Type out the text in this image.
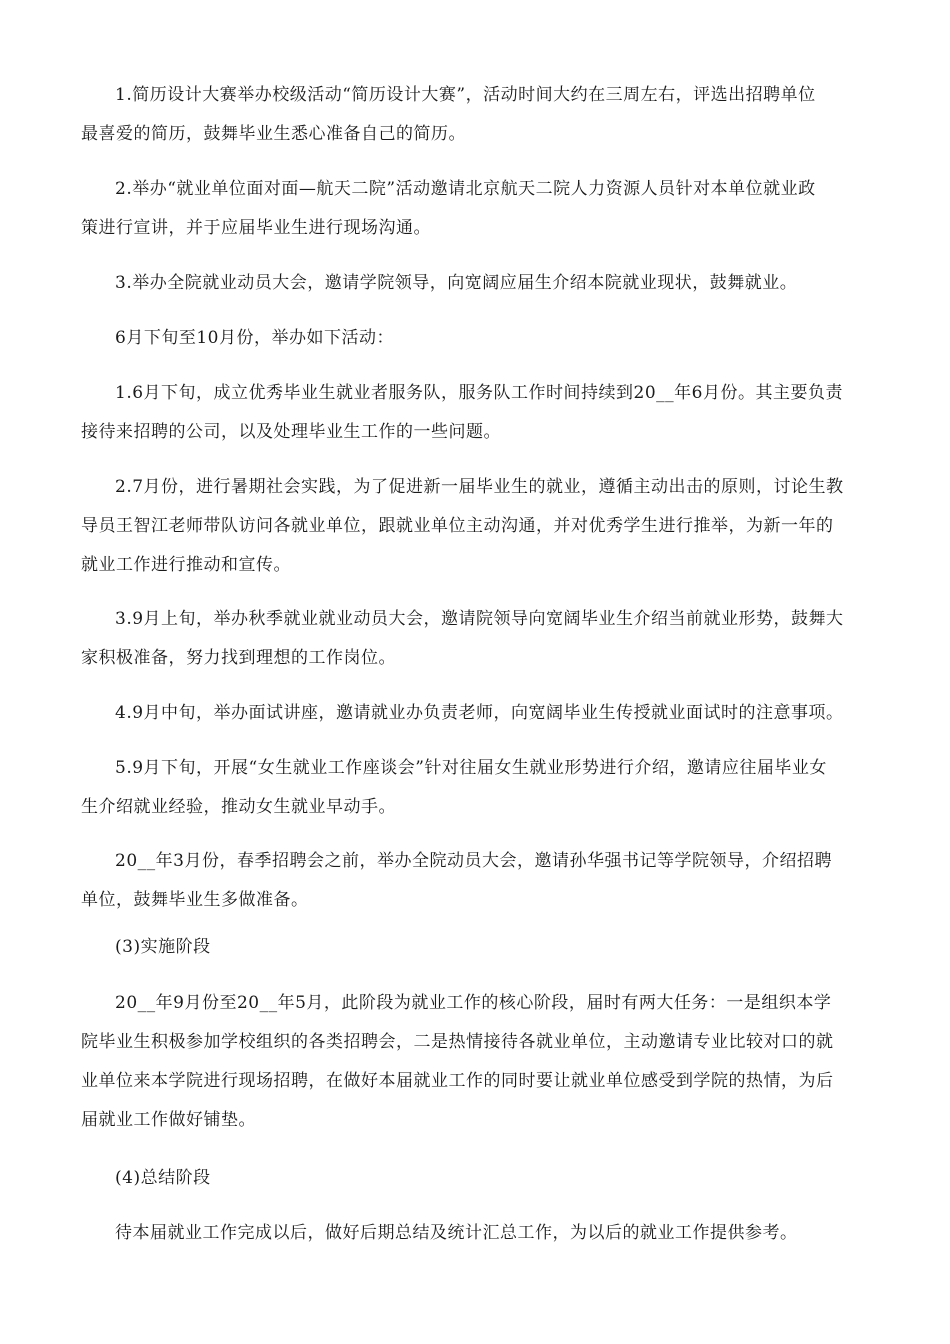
1.简历设计大赛举办校级活动“简历设计大赛”，活动时间大约在三周左右，评选出招聘单位
最喜爱的简历，鼓舞毕业生悉心准备自己的简历。

2.举办“就业单位面对面—航天二院”活动邀请北京航天二院人力资源人员针对本单位就业政
策进行宣讲，并于应届毕业生进行现场沟通。

3.举办全院就业动员大会，邀请学院领导，向宽阔应届生介绍本院就业现状，鼓舞就业。

6月下旬至10月份，举办如下活动：

1.6月下旬，成立优秀毕业生就业者服务队，服务队工作时间持续到20__年6月份。其主要负责
接待来招聘的公司，以及处理毕业生工作的一些问题。

2.7月份，进行暑期社会实践，为了促进新一届毕业生的就业，遵循主动出击的原则，讨论生教
导员王智江老师带队访问各就业单位，跟就业单位主动沟通，并对优秀学生进行推举，为新一年的
就业工作进行推动和宣传。

3.9月上旬，举办秋季就业就业动员大会，邀请院领导向宽阔毕业生介绍当前就业形势，鼓舞大
家积极准备，努力找到理想的工作岗位。

4.9月中旬，举办面试讲座，邀请就业办负责老师，向宽阔毕业生传授就业面试时的注意事项。

5.9月下旬，开展“女生就业工作座谈会”针对往届女生就业形势进行介绍，邀请应往届毕业女
生介绍就业经验，推动女生就业早动手。

20__年3月份，春季招聘会之前，举办全院动员大会，邀请孙华强书记等学院领导，介绍招聘
单位，鼓舞毕业生多做准备。

(3)实施阶段

20__年9月份至20__年5月，此阶段为就业工作的核心阶段，届时有两大任务：一是组织本学
院毕业生积极参加学校组织的各类招聘会，二是热情接待各就业单位，主动邀请专业比较对口的就
业单位来本学院进行现场招聘，在做好本届就业工作的同时要让就业单位感受到学院的热情，为后
届就业工作做好铺垫。

(4)总结阶段

待本届就业工作完成以后，做好后期总结及统计汇总工作，为以后的就业工作提供参考。
